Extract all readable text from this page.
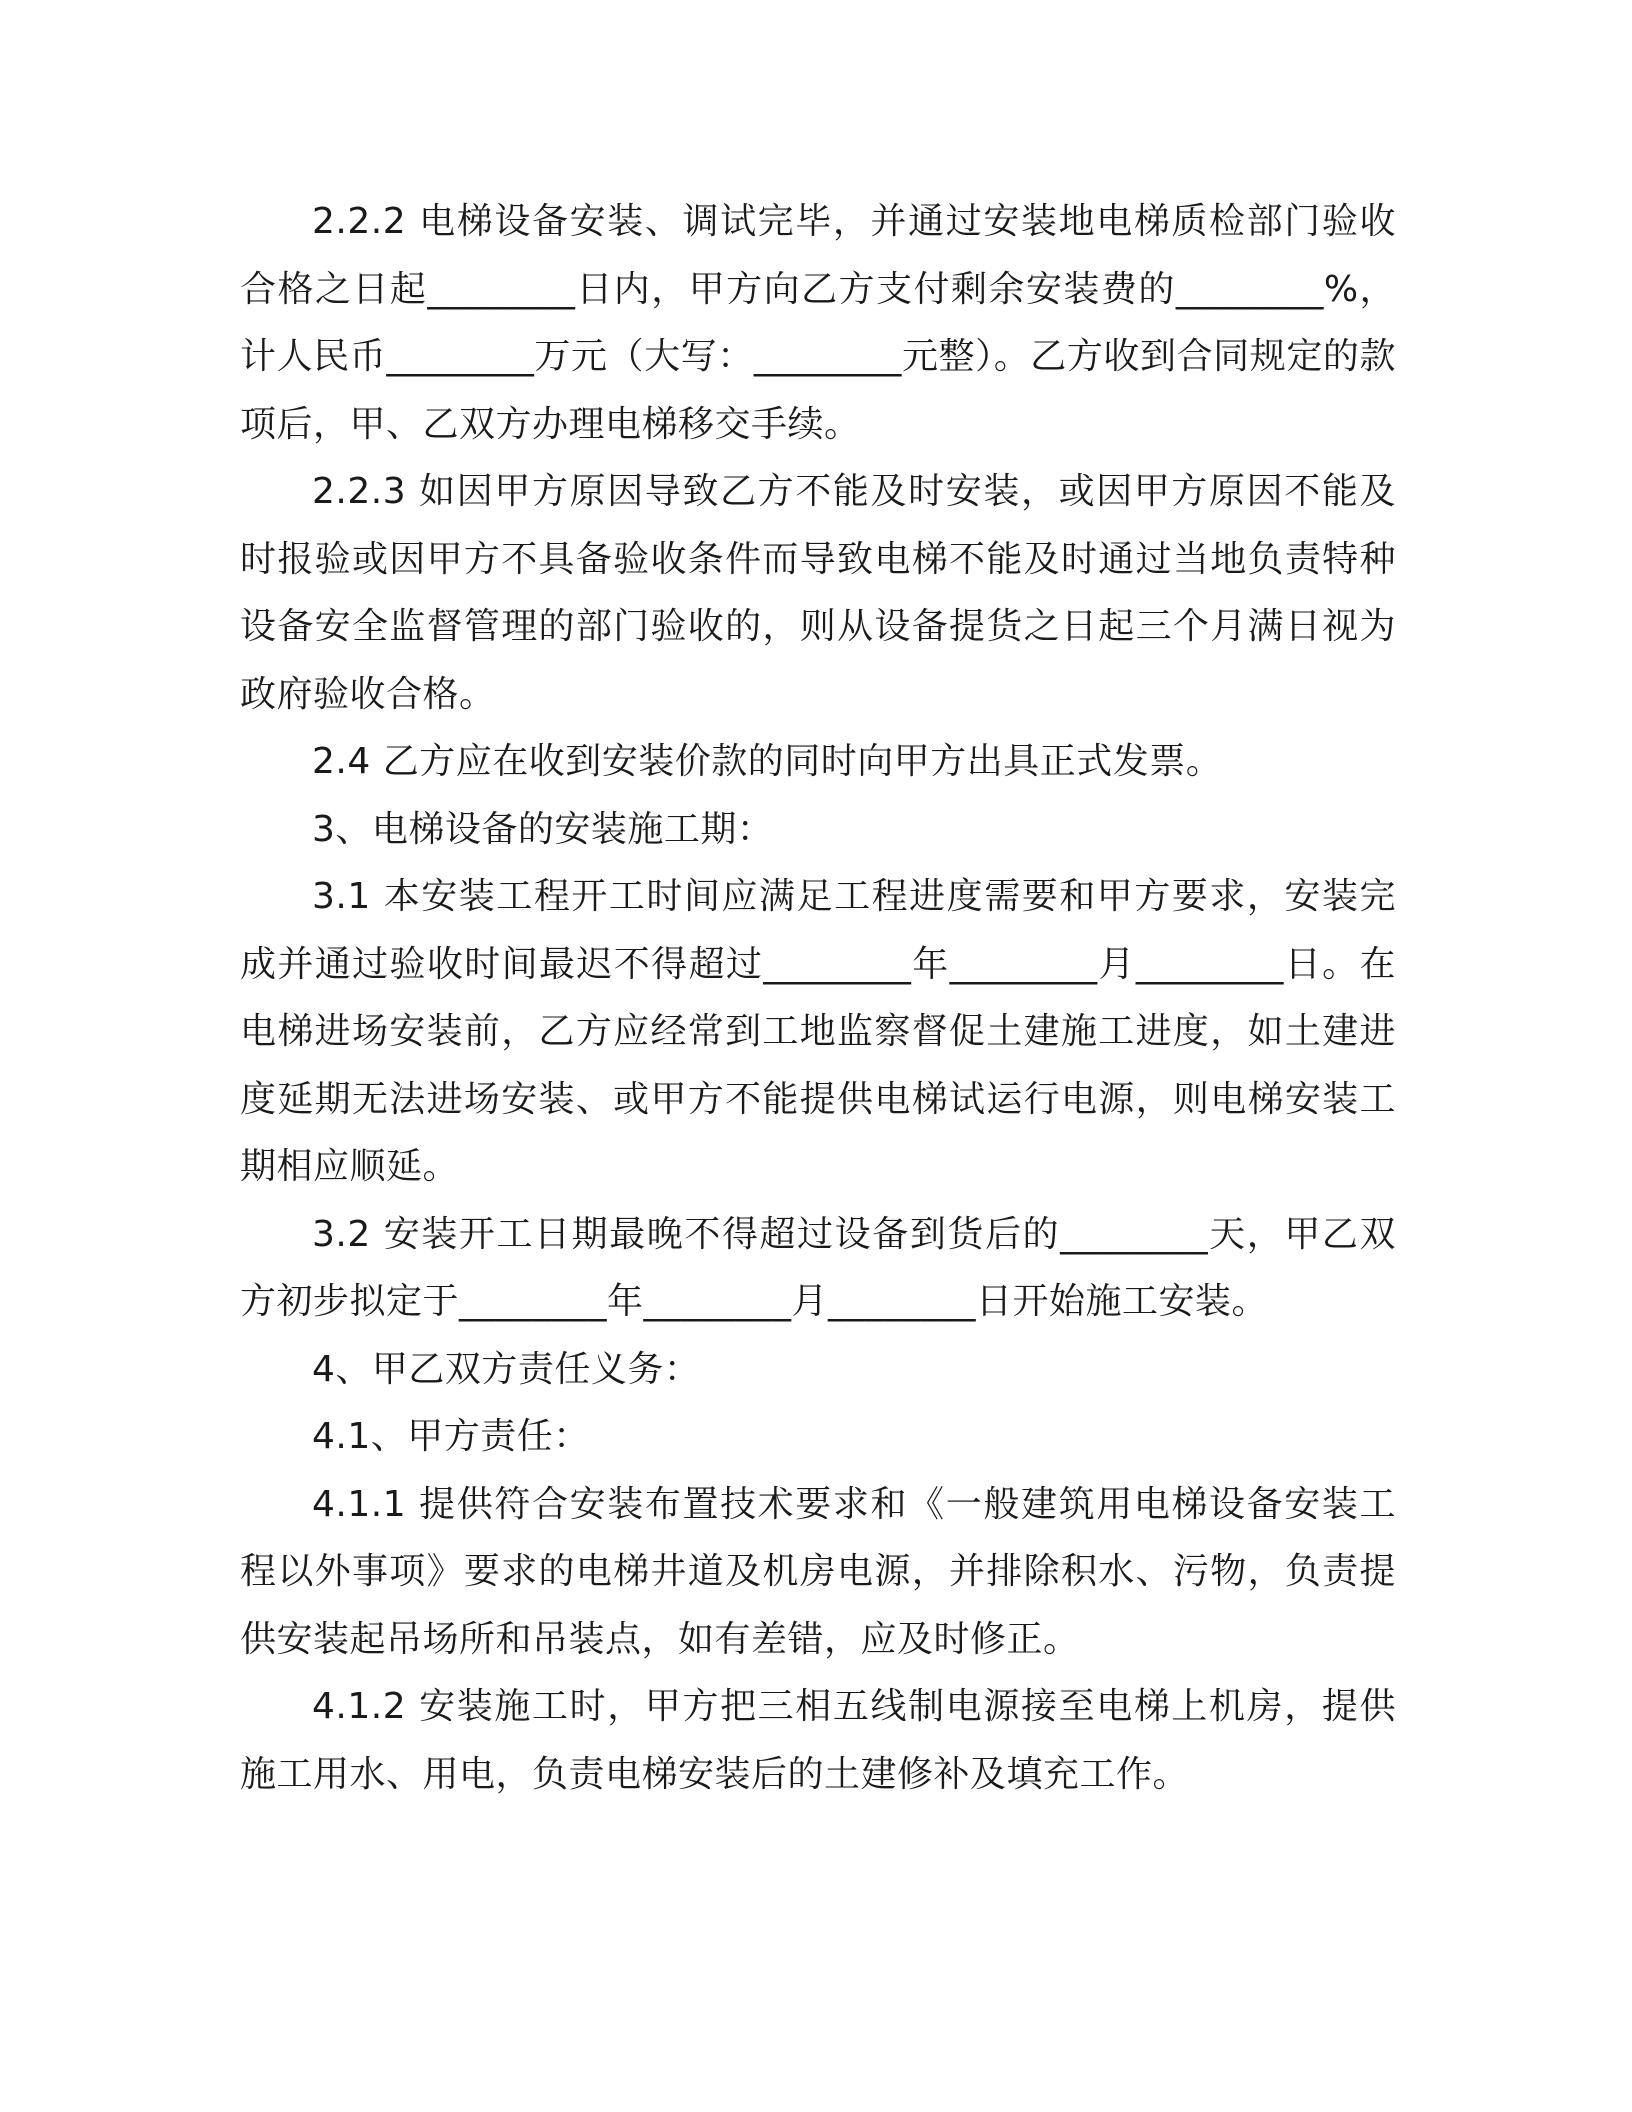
2.2.2 电梯设备安装、调试完毕，并通过安装地电梯质检部门验收合格之日起________日内，甲方向乙方支付剩余安装费的________%，计人民币________万元（大写：________元整）。乙方收到合同规定的款项后，甲、乙双方办理电梯移交手续。

2.2.3 如因甲方原因导致乙方不能及时安装，或因甲方原因不能及时报验或因甲方不具备验收条件而导致电梯不能及时通过当地负责特种设备安全监督管理的部门验收的，则从设备提货之日起三个月满日视为政府验收合格。

2.4 乙方应在收到安装价款的同时向甲方出具正式发票。

3、电梯设备的安装施工期：

3.1 本安装工程开工时间应满足工程进度需要和甲方要求，安装完成并通过验收时间最迟不得超过________年________月________日。在电梯进场安装前，乙方应经常到工地监察督促土建施工进度，如土建进度延期无法进场安装、或甲方不能提供电梯试运行电源，则电梯安装工期相应顺延。

3.2 安装开工日期最晚不得超过设备到货后的________天，甲乙双方初步拟定于________年________月________日开始施工安装。

4、甲乙双方责任义务：

4.1、甲方责任：

4.1.1 提供符合安装布置技术要求和《一般建筑用电梯设备安装工程以外事项》要求的电梯井道及机房电源，并排除积水、污物，负责提供安装起吊场所和吊装点，如有差错，应及时修正。

4.1.2 安装施工时，甲方把三相五线制电源接至电梯上机房，提供施工用水、用电，负责电梯安装后的土建修补及填充工作。
